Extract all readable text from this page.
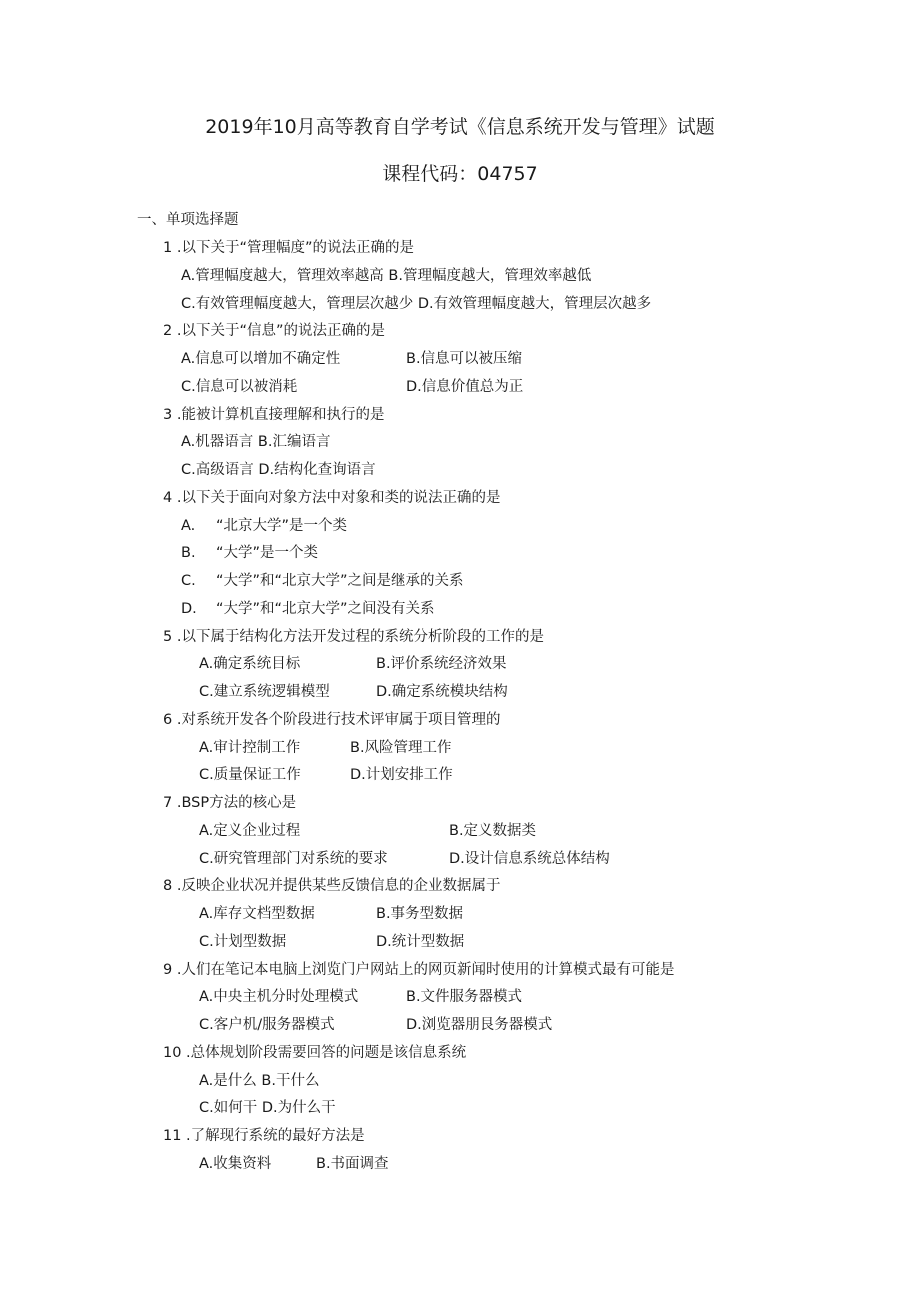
2019年10月高等教育自学考试《信息系统开发与管理》试题
课程代码：04757
一、单项选择题
1 .以下关于“管理幅度”的说法正确的是
A.管理幅度越大，管理效率越高 B.管理幅度越大，管理效率越低
C.有效管理幅度越大，管理层次越少 D.有效管理幅度越大，管理层次越多
2 .以下关于“信息”的说法正确的是
A.信息可以增加不确定性	B.信息可以被压缩
C.信息可以被消耗	D.信息价值总为正
3 .能被计算机直接理解和执行的是
A.机器语言 B.汇编语言
C.高级语言 D.结构化查询语言
4 .以下关于面向对象方法中对象和类的说法正确的是
A. “北京大学”是一个类
B. “大学”是一个类
C. “大学”和“北京大学”之间是继承的关系
D. “大学”和“北京大学”之间没有关系
5 .以下属于结构化方法开发过程的系统分析阶段的工作的是
A.确定系统目标	B.评价系统经济效果
C.建立系统逻辑模型	D.确定系统模块结构
6 .对系统开发各个阶段进行技术评审属于项目管理的
A.审计控制工作	B.风险管理工作
C.质量保证工作	D.计划安排工作
7 .BSP方法的核心是
A.定义企业过程	B.定义数据类
C.研究管理部门对系统的要求	D.设计信息系统总体结构
8 .反映企业状况并提供某些反馈信息的企业数据属于
A.库存文档型数据	B.事务型数据
C.计划型数据	D.统计型数据
9 .人们在笔记本电脑上浏览门户网站上的网页新闻时使用的计算模式最有可能是
A.中央主机分时处理模式	B.文件服务器模式
C.客户机/服务器模式	D.浏览器朋艮务器模式
10 .总体规划阶段需要回答的问题是该信息系统
A.是什么 B.干什么
C.如何干 D.为什么干
11 .了解现行系统的最好方法是
A.收集资料	B.书面调查
